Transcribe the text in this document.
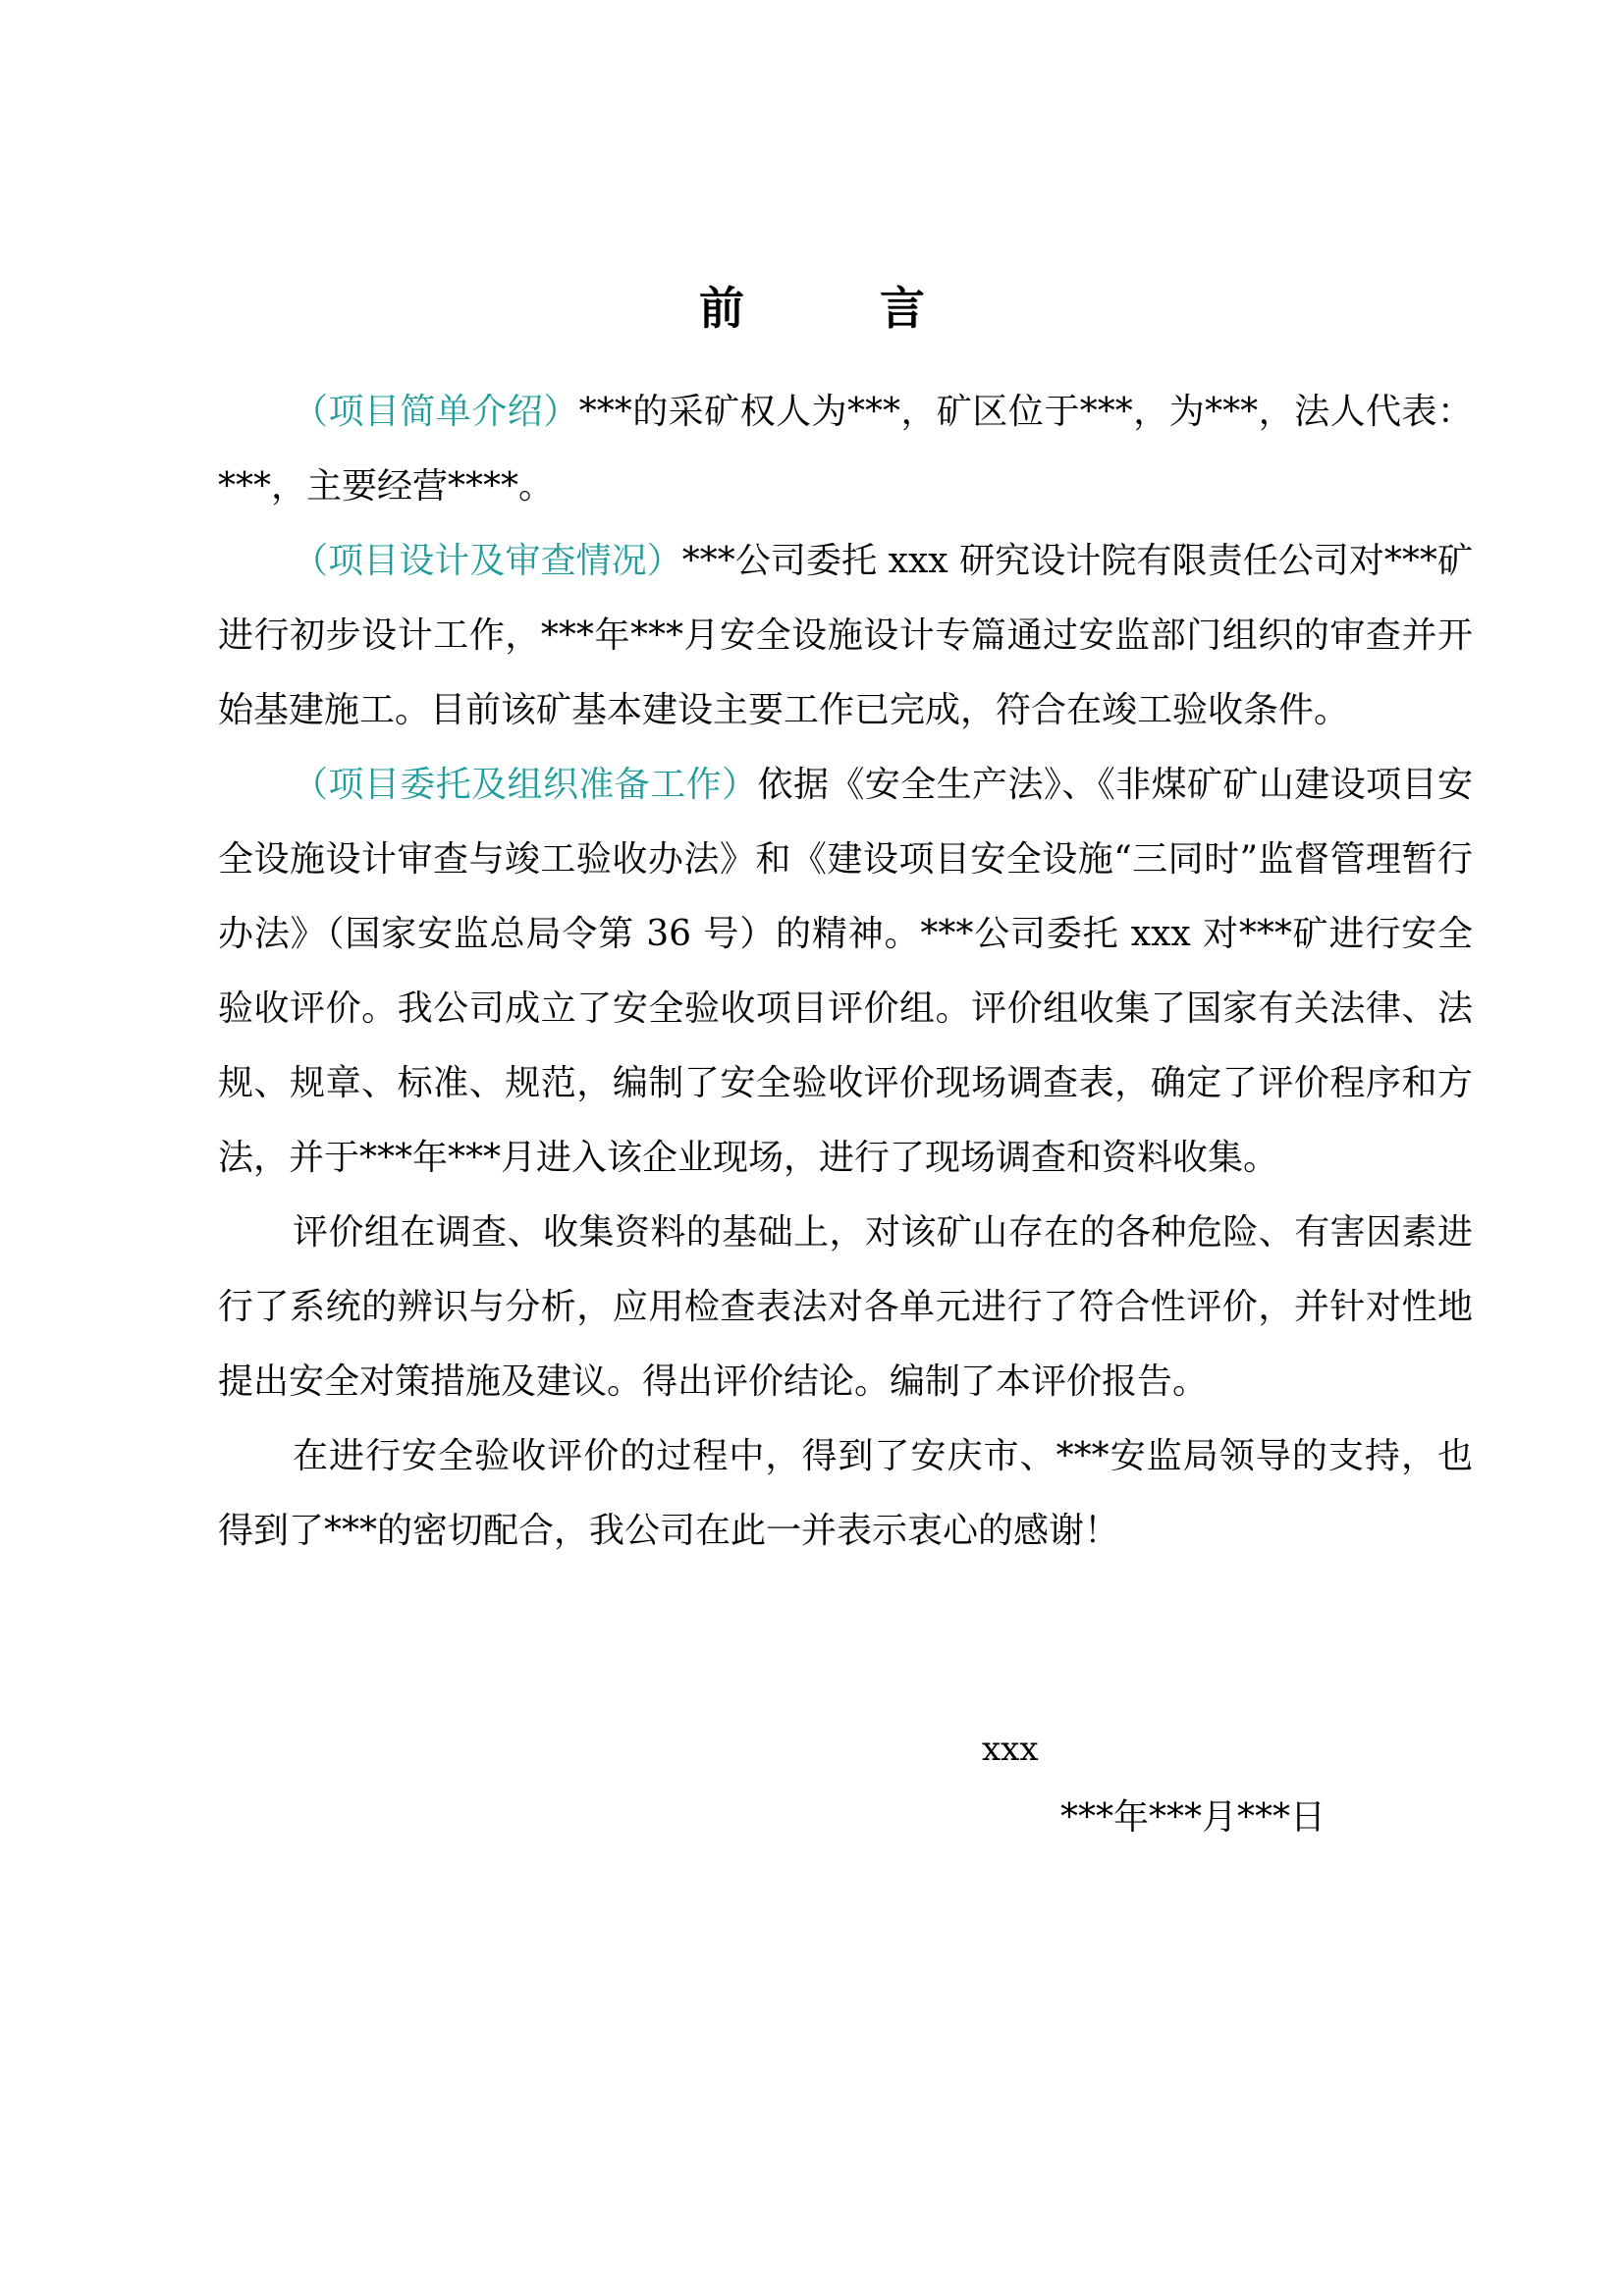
前	言

（项目简单介绍）***的采矿权人为***，矿区位于***，为***，法人代表：***，主要经营****。

（项目设计及审查情况）***公司委托 xxx 研究设计院有限责任公司对***矿进行初步设计工作，***年***月安全设施设计专篇通过安监部门组织的审查并开始基建施工。目前该矿基本建设主要工作已完成，符合在竣工验收条件。

（项目委托及组织准备工作）依据《安全生产法》、《非煤矿矿山建设项目安全设施设计审查与竣工验收办法》和《建设项目安全设施“三同时”监督管理暂行办法》（国家安监总局令第 36 号）的精神。***公司委托 xxx 对***矿进行安全验收评价。我公司成立了安全验收项目评价组。评价组收集了国家有关法律、法规、规章、标准、规范，编制了安全验收评价现场调查表，确定了评价程序和方法，并于***年***月进入该企业现场，进行了现场调查和资料收集。

评价组在调查、收集资料的基础上，对该矿山存在的各种危险、有害因素进行了系统的辨识与分析，应用检查表法对各单元进行了符合性评价，并针对性地提出安全对策措施及建议。得出评价结论。编制了本评价报告。

在进行安全验收评价的过程中，得到了安庆市、***安监局领导的支持，也得到了***的密切配合，我公司在此一并表示衷心的感谢！

xxx
***年***月***日
